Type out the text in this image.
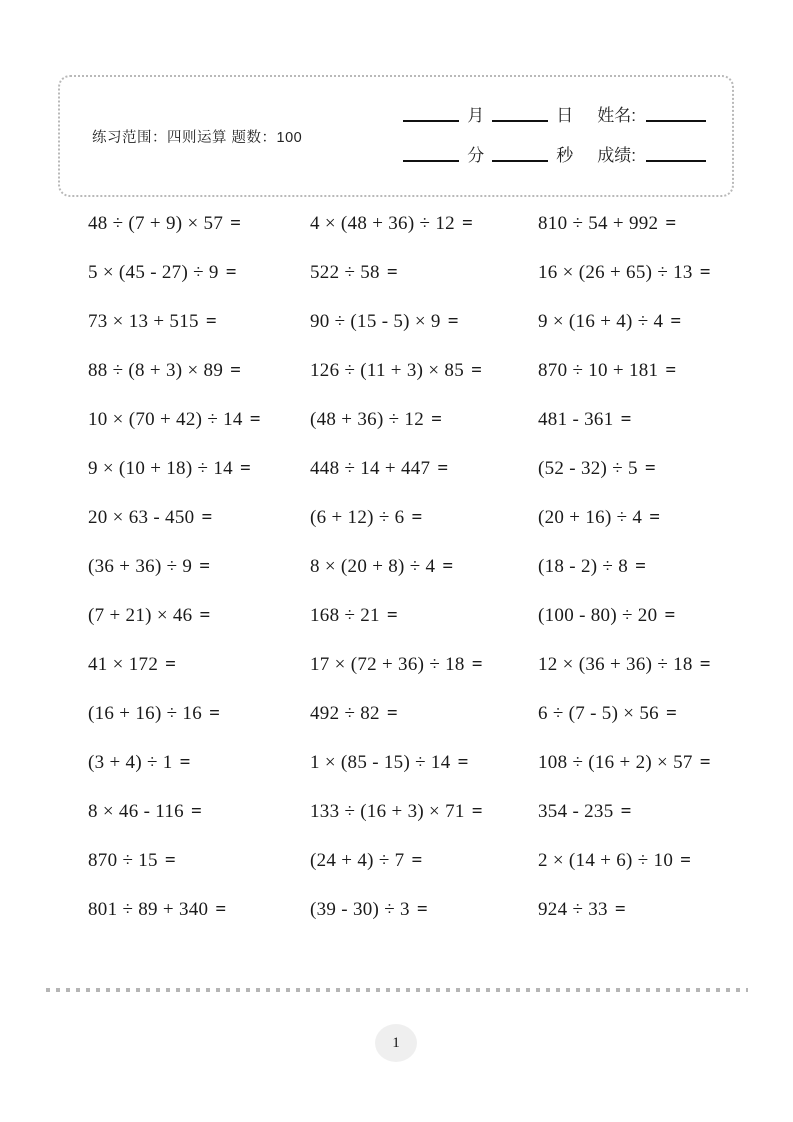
练习范围：四则运算 题数：100
月	日 姓名:
分	秒 成绩:
48 ÷ (7 + 9) × 57 =	4 × (48 + 36) ÷ 12 =	810 ÷ 54 + 992 =
5 × (45 - 27) ÷ 9 =	522 ÷ 58 =	16 × (26 + 65) ÷ 13 =
73 × 13 + 515 =	90 ÷ (15 - 5) × 9 =	9 × (16 + 4) ÷ 4 =
88 ÷ (8 + 3) × 89 =	126 ÷ (11 + 3) × 85 =	870 ÷ 10 + 181 =
10 × (70 + 42) ÷ 14 =	(48 + 36) ÷ 12 =	481 - 361 =
9 × (10 + 18) ÷ 14 =	448 ÷ 14 + 447 =	(52 - 32) ÷ 5 =
20 × 63 - 450 =	(6 + 12) ÷ 6 =	(20 + 16) ÷ 4 =
(36 + 36) ÷ 9 =	8 × (20 + 8) ÷ 4 =	(18 - 2) ÷ 8 =
(7 + 21) × 46 =	168 ÷ 21 =	(100 - 80) ÷ 20 =
41 × 172 =	17 × (72 + 36) ÷ 18 =	12 × (36 + 36) ÷ 18 =
(16 + 16) ÷ 16 =	492 ÷ 82 =	6 ÷ (7 - 5) × 56 =
(3 + 4) ÷ 1 =	1 × (85 - 15) ÷ 14 =	108 ÷ (16 + 2) × 57 =
8 × 46 - 116 =	133 ÷ (16 + 3) × 71 =	354 - 235 =
870 ÷ 15 =	(24 + 4) ÷ 7 =	2 × (14 + 6) ÷ 10 =
801 ÷ 89 + 340 =	(39 - 30) ÷ 3 =	924 ÷ 33 =
1
